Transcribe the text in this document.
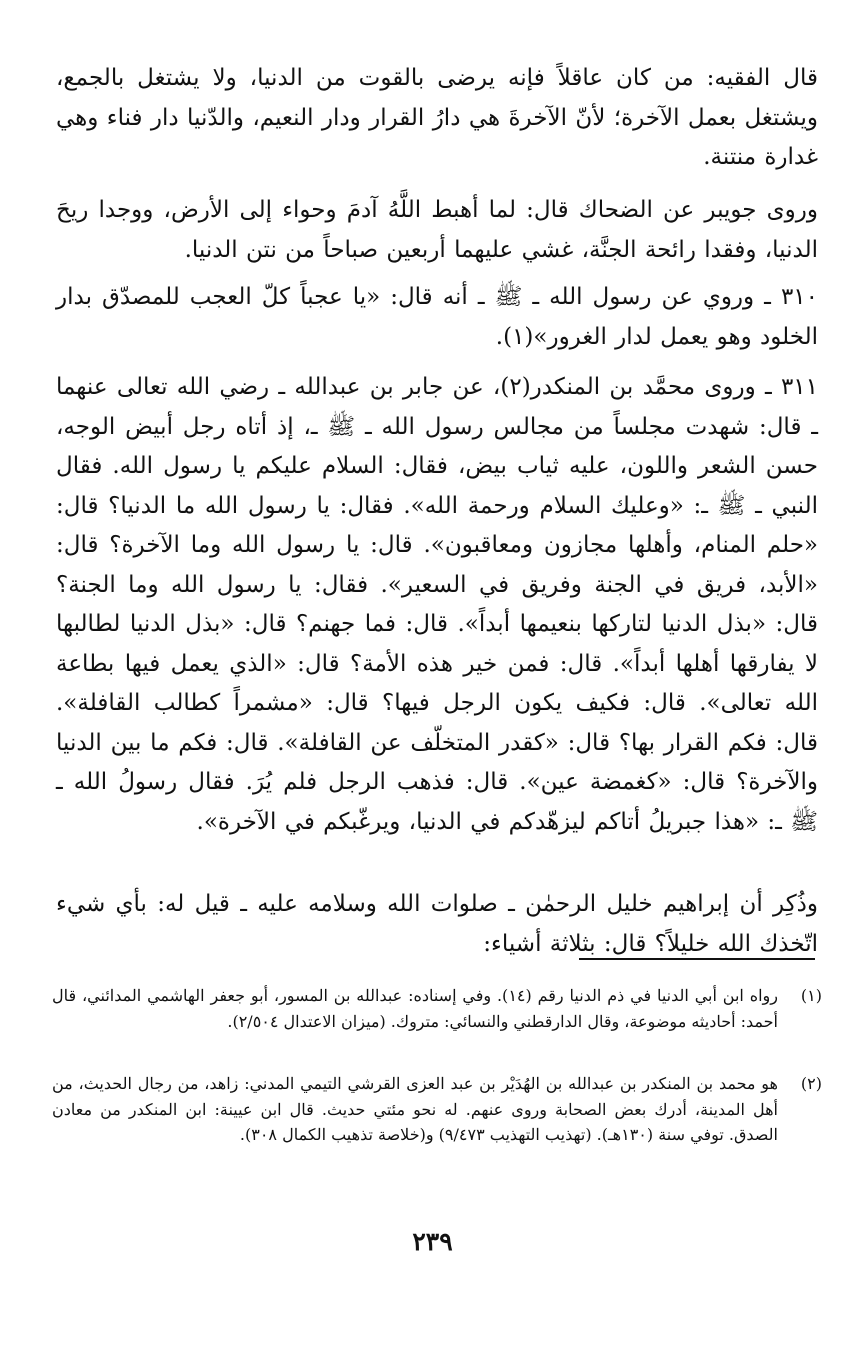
قال الفقيه: من كان عاقلاً فإنه يرضى بالقوت من الدنيا، ولا يشتغل بالجمع، ويشتغل بعمل الآخرة؛ لأنّ الآخرةَ هي دارُ القرار ودار النعيم، والدّنيا دار فناء وهي غدارة منتنة.

وروى جويبر عن الضحاك قال: لما أهبط اللَّهُ آدمَ وحواء إلى الأرض، ووجدا ريحَ الدنيا، وفقدا رائحة الجنَّة، غشي عليهما أربعين صباحاً من نتن الدنيا.

٣١٠ ـ وروي عن رسول الله ـ ﷺ ـ أنه قال: «يا عجباً كلّ العجب للمصدّق بدار الخلود وهو يعمل لدار الغرور»(١).

٣١١ ـ وروى محمَّد بن المنكدر(٢)، عن جابر بن عبدالله ـ رضي الله تعالى عنهما ـ قال: شهدت مجلساً من مجالس رسول الله ـ ﷺ ـ، إذ أتاه رجل أبيض الوجه، حسن الشعر واللون، عليه ثياب بيض، فقال: السلام عليكم يا رسول الله. فقال النبي ـ ﷺ ـ: «وعليك السلام ورحمة الله». فقال: يا رسول الله ما الدنيا؟ قال: «حلم المنام، وأهلها مجازون ومعاقبون». قال: يا رسول الله وما الآخرة؟ قال: «الأبد، فريق في الجنة وفريق في السعير». فقال: يا رسول الله وما الجنة؟ قال: «بذل الدنيا لتاركها بنعيمها أبداً». قال: فما جهنم؟ قال: «بذل الدنيا لطالبها لا يفارقها أهلها أبداً». قال: فمن خير هذه الأمة؟ قال: «الذي يعمل فيها بطاعة الله تعالى». قال: فكيف يكون الرجل فيها؟ قال: «مشمراً كطالب القافلة». قال: فكم القرار بها؟ قال: «كقدر المتخلّف عن القافلة». قال: فكم ما بين الدنيا والآخرة؟ قال: «كغمضة عين». قال: فذهب الرجل فلم يُرَ. فقال رسولُ الله ـ ﷺ ـ: «هذا جبريلُ أتاكم ليزهّدكم في الدنيا، ويرغّبكم في الآخرة».

وذُكِر أن إبراهيم خليل الرحمٰن ـ صلوات الله وسلامه عليه ـ قيل له: بأي شيء اتّخذك الله خليلاً؟ قال: بثلاثة أشياء:

(١)
رواه ابن أبي الدنيا في ذم الدنيا رقم (١٤). وفي إسناده: عبدالله بن المسور، أبو جعفر الهاشمي المدائني، قال أحمد: أحاديثه موضوعة، وقال الدارقطني والنسائي: متروك. (ميزان الاعتدال ٢/٥٠٤).
(٢)
هو محمد بن المنكدر بن عبدالله بن الهُدَيْر بن عبد العزى القرشي التيمي المدني: زاهد، من رجال الحديث، من أهل المدينة، أدرك بعض الصحابة وروى عنهم. له نحو مئتي حديث. قال ابن عيينة: ابن المنكدر من معادن الصدق. توفي سنة (١٣٠هـ). (تهذيب التهذيب ٩/٤٧٣) و(خلاصة تذهيب الكمال ٣٠٨).
٢٣٩
